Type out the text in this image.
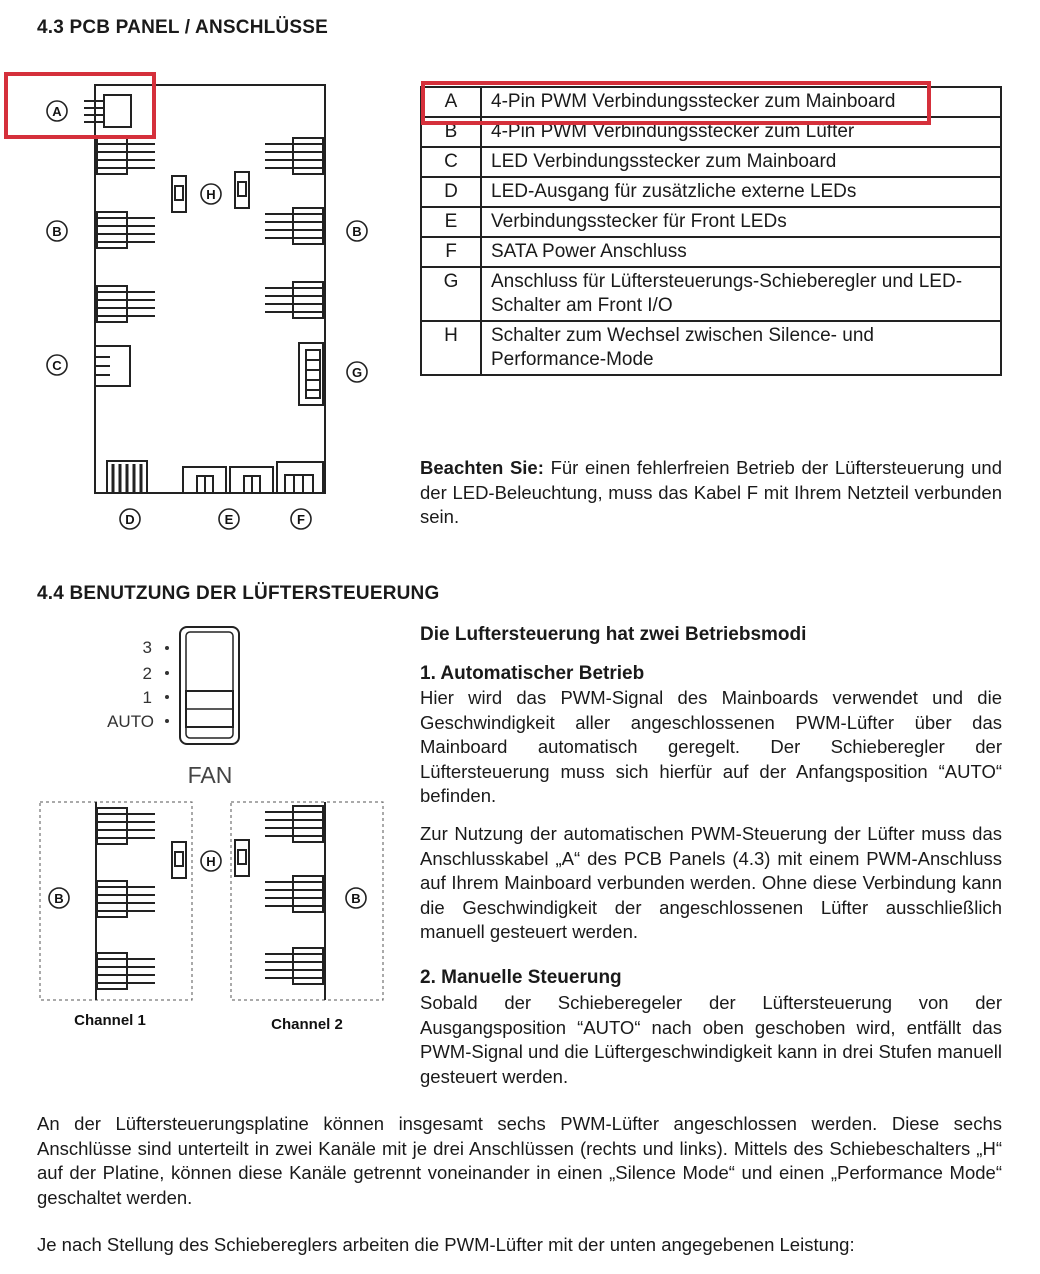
4.3 PCB PANEL / ANSCHLÜSSE
A
B	B
C	G
H
D	E	F
A	4-Pin PWM Verbindungsstecker zum Mainboard
B	4-Pin PWM Verbindungsstecker zum Lüfter
C	LED Verbindungsstecker zum Mainboard
D	LED-Ausgang für zusätzliche externe LEDs
E	Verbindungsstecker für Front LEDs
F	SATA Power Anschluss
G	Anschluss für Lüftersteuerungs-Schieberegler und LED-Schalter am Front I/O
H	Schalter zum Wechsel zwischen Silence- und Performance-Mode
Beachten Sie: Für einen fehlerfreien Betrieb der Lüftersteuerung und der LED-Beleuchtung, muss das Kabel F mit Ihrem Netzteil verbunden sein.
4.4 BENUTZUNG DER LÜFTERSTEUERUNG
3
2
1
AUTO
FAN
B
H
B
Channel 1	Channel 2
Die Luftersteuerung hat zwei Betriebsmodi
1. Automatischer Betrieb
Hier wird das PWM-Signal des Mainboards verwendet und die Geschwindigkeit aller angeschlossenen PWM-Lüfter über das Mainboard automatisch geregelt. Der Schieberegler der Lüftersteuerung muss sich hierfür auf der Anfangsposition “AUTO“ befinden.
Zur Nutzung der automatischen PWM-Steuerung der Lüfter muss das Anschlusskabel „A“ des PCB Panels (4.3) mit einem PWM-Anschluss auf Ihrem Mainboard verbunden werden. Ohne diese Verbindung kann die Geschwindigkeit der angeschlossenen Lüfter ausschließlich manuell gesteuert werden.
2. Manuelle Steuerung
Sobald der Schieberegeler der Lüftersteuerung von der Ausgangsposition “AUTO“ nach oben geschoben wird, entfällt das PWM-Signal und die Lüftergeschwindigkeit kann in drei Stufen manuell gesteuert werden.
An der Lüftersteuerungsplatine können insgesamt sechs PWM-Lüfter angeschlossen werden. Diese sechs Anschlüsse sind unterteilt in zwei Kanäle mit je drei Anschlüssen (rechts und links). Mittels des Schiebeschalters „H“ auf der Platine, können diese Kanäle getrennt voneinander in einen „Silence Mode“ und einen „Performance Mode“ geschaltet werden.
Je nach Stellung des Schiebereglers arbeiten die PWM-Lüfter mit der unten angegebenen Leistung:
